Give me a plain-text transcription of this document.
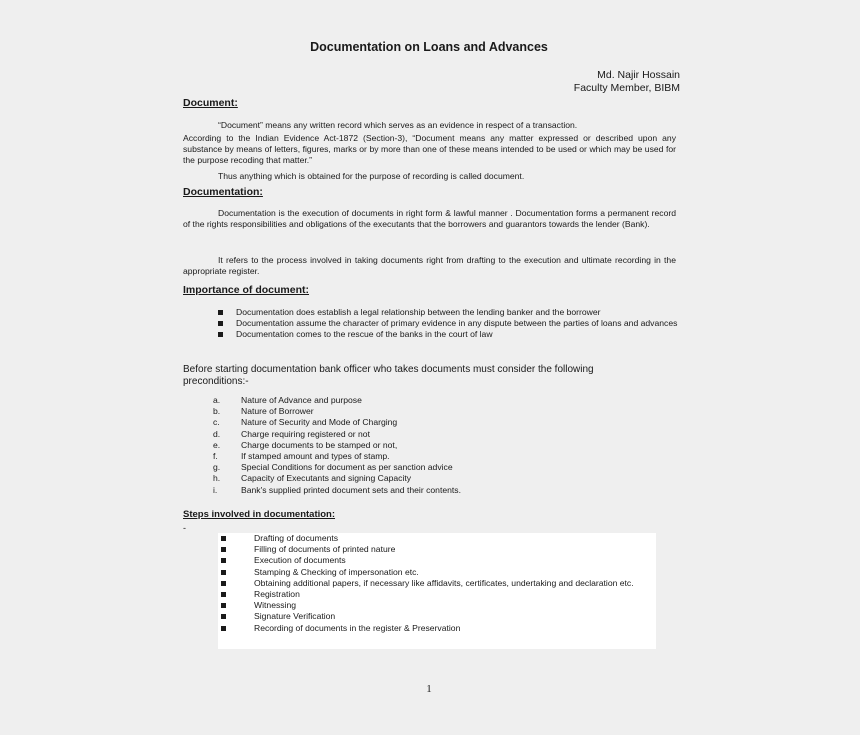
Documentation on Loans and Advances
Md. Najir Hossain
Faculty Member, BIBM
Document:
“Document” means any written record which serves as an evidence in respect of a transaction.
According to the Indian Evidence Act-1872 (Section-3), “Document means any matter expressed or described upon any substance by means of letters, figures, marks or by more than one of these means intended to be used or which may be used for the purpose recoding that matter.”
Thus anything which is obtained for the purpose of recording is called document.
Documentation:
Documentation is the execution of documents in right form & lawful manner . Documentation forms a permanent record of the rights responsibilities and obligations of the executants that the borrowers and guarantors towards the lender (Bank).
It refers to the process involved in taking documents right from drafting to the execution and ultimate recording in the appropriate register.
Importance of document:
Documentation does establish a legal relationship between the lending banker and the borrower
Documentation assume the character of primary evidence in any dispute between the parties of loans and advances
Documentation comes to the rescue of the banks in the court of law
Before starting documentation bank officer who takes documents must consider the following preconditions:-
a.	Nature of Advance and purpose
b.	Nature of Borrower
c.	Nature of Security and Mode of Charging
d.	Charge requiring registered or not
e.	Charge documents to be stamped or not,
f.	If stamped amount and types of stamp.
g.	Special Conditions for document as per sanction advice
h.	Capacity of Executants and signing Capacity
i.	Bank's supplied printed document sets and their contents.
Steps involved in documentation:
-
Drafting of documents
Filling of documents of printed nature
Execution of documents
Stamping & Checking of impersonation etc.
Obtaining additional papers, if necessary like affidavits, certificates, undertaking and declaration etc.
Registration
Witnessing
Signature Verification
Recording of documents in the register & Preservation
1
